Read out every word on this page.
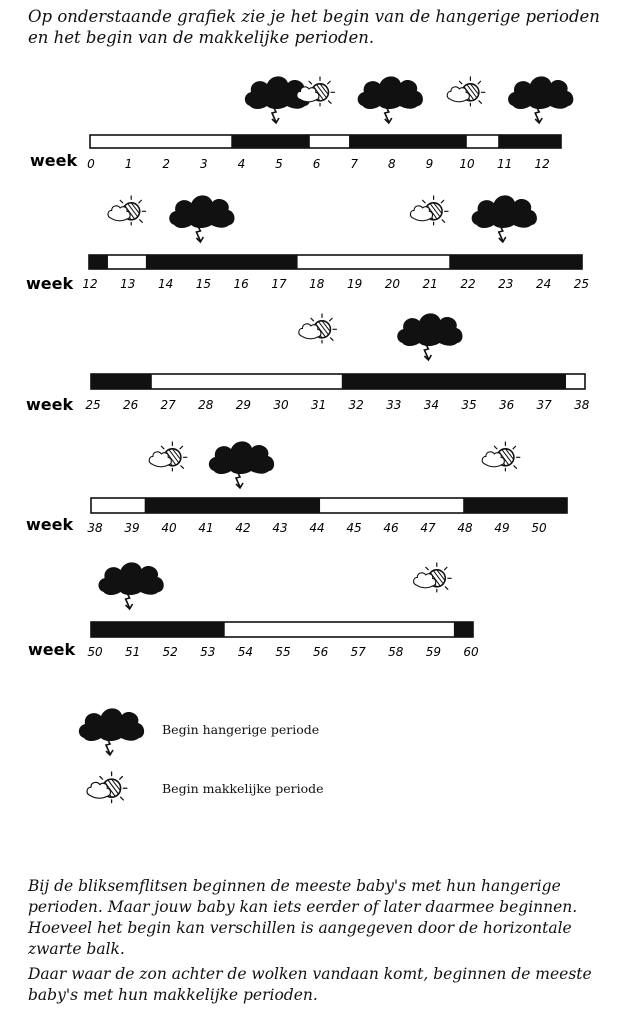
Op onderstaande grafiek zie je het begin van de hangerige perioden en het begin van de makkelijke perioden.
week
week
week
week
week
0 1 2 3 4 5 6 7 8 9 10 11 12
12 13 14 15 16 17 18 19 20 21 22 23 24 25
25 26 27 28 29 30 31 32 33 34 35 36 37 38
38 39 40 41 42 43 44 45 46 47 48 49 50
50 51 52 53 54 55 56 57 58 59 60
Begin hangerige periode
Begin makkelijke periode
Bij de bliksemflitsen beginnen de meeste baby's met hun hangerige perioden. Maar jouw baby kan iets eerder of later daarmee beginnen. Hoeveel het begin kan verschillen is aangegeven door de horizontale zwarte balk.
Daar waar de zon achter de wolken vandaan komt, beginnen de meeste baby's met hun makkelijke perioden.
